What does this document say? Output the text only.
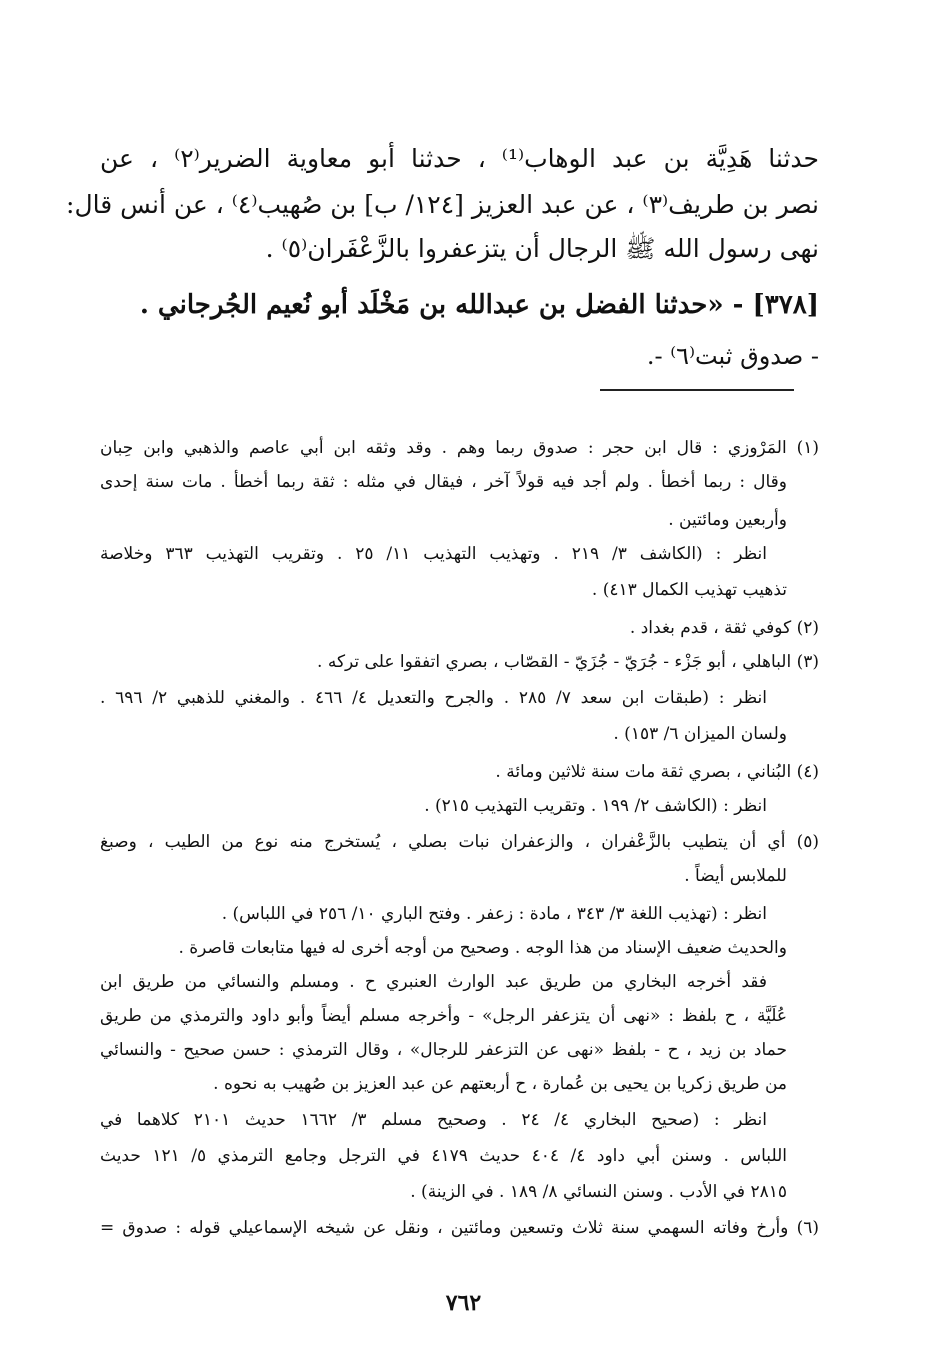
حدثنا هَدِيَّة بن عبد الوهاب⁽¹⁾ ، حدثنا أبو معاوية الضرير⁽٢⁾ ، عن
نصر بن طريف⁽٣⁾ ، عن عبد العزيز [١٢٤/ ب] بن صُهيب⁽٤⁾ ، عن أنس قال:
نهى رسول الله ﷺ الرجال أن يتزعفروا بالزَّعْفَران⁽٥⁾ .
[٣٧٨] - «حدثنا الفضل بن عبدالله بن مَخْلَد أبو نُعيم الجُرجاني .
- صدوق ثبت⁽٦⁾ -.
(١) المَرْوزي : قال ابن حجر : صدوق ربما وهم . وقد وثقه ابن أبي عاصم والذهبي وابن حِبان
وقال : ربما أخطأ . ولم أجد فيه قولاً آخر ، فيقال في مثله : ثقة ربما أخطأ . مات سنة إحدى
وأربعين ومائتين .
انظر : (الكاشف ٣/ ٢١٩ . وتهذيب التهذيب ١١/ ٢٥ . وتقريب التهذيب ٣٦٣ وخلاصة
تذهيب تهذيب الكمال ٤١٣) .
(٢) كوفي ثقة ، قدم بغداد .
(٣) الباهلي ، أبو جَزْء - جُرَيّ - جُزَيّ - القصّاب ، بصري اتفقوا على تركه .
انظر : (طبقات ابن سعد ٧/ ٢٨٥ . والجرح والتعديل ٤/ ٤٦٦ . والمغني للذهبي ٢/ ٦٩٦ .
ولسان الميزان ٦/ ١٥٣) .
(٤) البُناني ، بصري ثقة مات سنة ثلاثين ومائة .
انظر : (الكاشف ٢/ ١٩٩ . وتقريب التهذيب ٢١٥) .
(٥) أي أن يتطيب بالزَّعْفران ، والزعفران نبات بصلي ، يُستخرج منه نوع من الطيب ، وصبغ
للملابس أيضاً .
انظر : (تهذيب اللغة ٣/ ٣٤٣ ، مادة : زعفر . وفتح الباري ١٠/ ٢٥٦ في اللباس) .
والحديث ضعيف الإسناد من هذا الوجه . وصحيح من أوجه أخرى له فيها متابعات قاصرة .
فقد أخرجه البخاري من طريق عبد الوارث العنبري ح . ومسلم والنسائي من طريق ابن
عُلَيَّة ، ح بلفظ : «نهى أن يتزعفر الرجل» - وأخرجه مسلم أيضاً وأبو داود والترمذي من طريق
حماد بن زيد ، ح - بلفظ «نهى عن التزعفر للرجال» ، وقال الترمذي : حسن صحيح - والنسائي
من طريق زكريا بن يحيى بن عُمارة ، ح أربعتهم عن عبد العزيز بن صُهيب به نحوه .
انظر : (صحيح البخاري ٤/ ٢٤ . وصحيح مسلم ٣/ ١٦٦٢ حديث ٢١٠١ كلاهما في
اللباس . وسنن أبي داود ٤/ ٤٠٤ حديث ٤١٧٩ في الترجل وجامع الترمذي ٥/ ١٢١ حديث
٢٨١٥ في الأدب . وسنن النسائي ٨/ ١٨٩ . في الزينة) .
(٦) وأرخ وفاته السهمي سنة ثلاث وتسعين ومائتين ، ونقل عن شيخه الإسماعيلي قوله : صدوق =
٧٦٢
